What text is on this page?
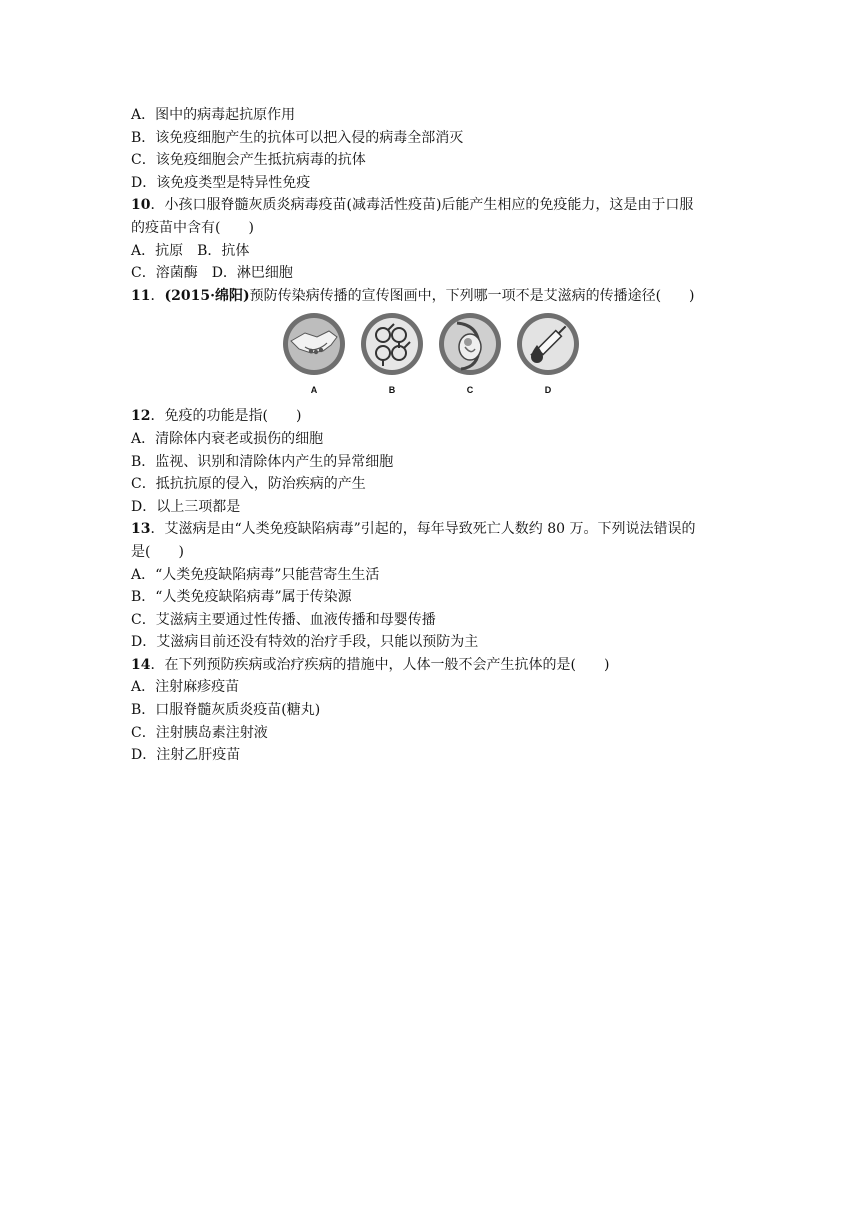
A．图中的病毒起抗原作用
B．该免疫细胞产生的抗体可以把入侵的病毒全部消灭
C．该免疫细胞会产生抵抗病毒的抗体
D．该免疫类型是特异性免疫
10．小孩口服脊髓灰质炎病毒疫苗(减毒活性疫苗)后能产生相应的免疫能力，这是由于口服
的疫苗中含有(　　)
A．抗原　B．抗体
C．溶菌酶　D．淋巴细胞
11．(2015·绵阳)预防传染病传播的宣传图画中，下列哪一项不是艾滋病的传播途径(　　)
A	B	C	D
12．免疫的功能是指(　　)
A．清除体内衰老或损伤的细胞
B．监视、识别和清除体内产生的异常细胞
C．抵抗抗原的侵入，防治疾病的产生
D．以上三项都是
13．艾滋病是由“人类免疫缺陷病毒”引起的，每年导致死亡人数约 80 万。下列说法错误的
是(　　)
A．“人类免疫缺陷病毒”只能营寄生生活
B．“人类免疫缺陷病毒”属于传染源
C．艾滋病主要通过性传播、血液传播和母婴传播
D．艾滋病目前还没有特效的治疗手段，只能以预防为主
14．在下列预防疾病或治疗疾病的措施中，人体一般不会产生抗体的是(　　)
A．注射麻疹疫苗
B．口服脊髓灰质炎疫苗(糖丸)
C．注射胰岛素注射液
D．注射乙肝疫苗
